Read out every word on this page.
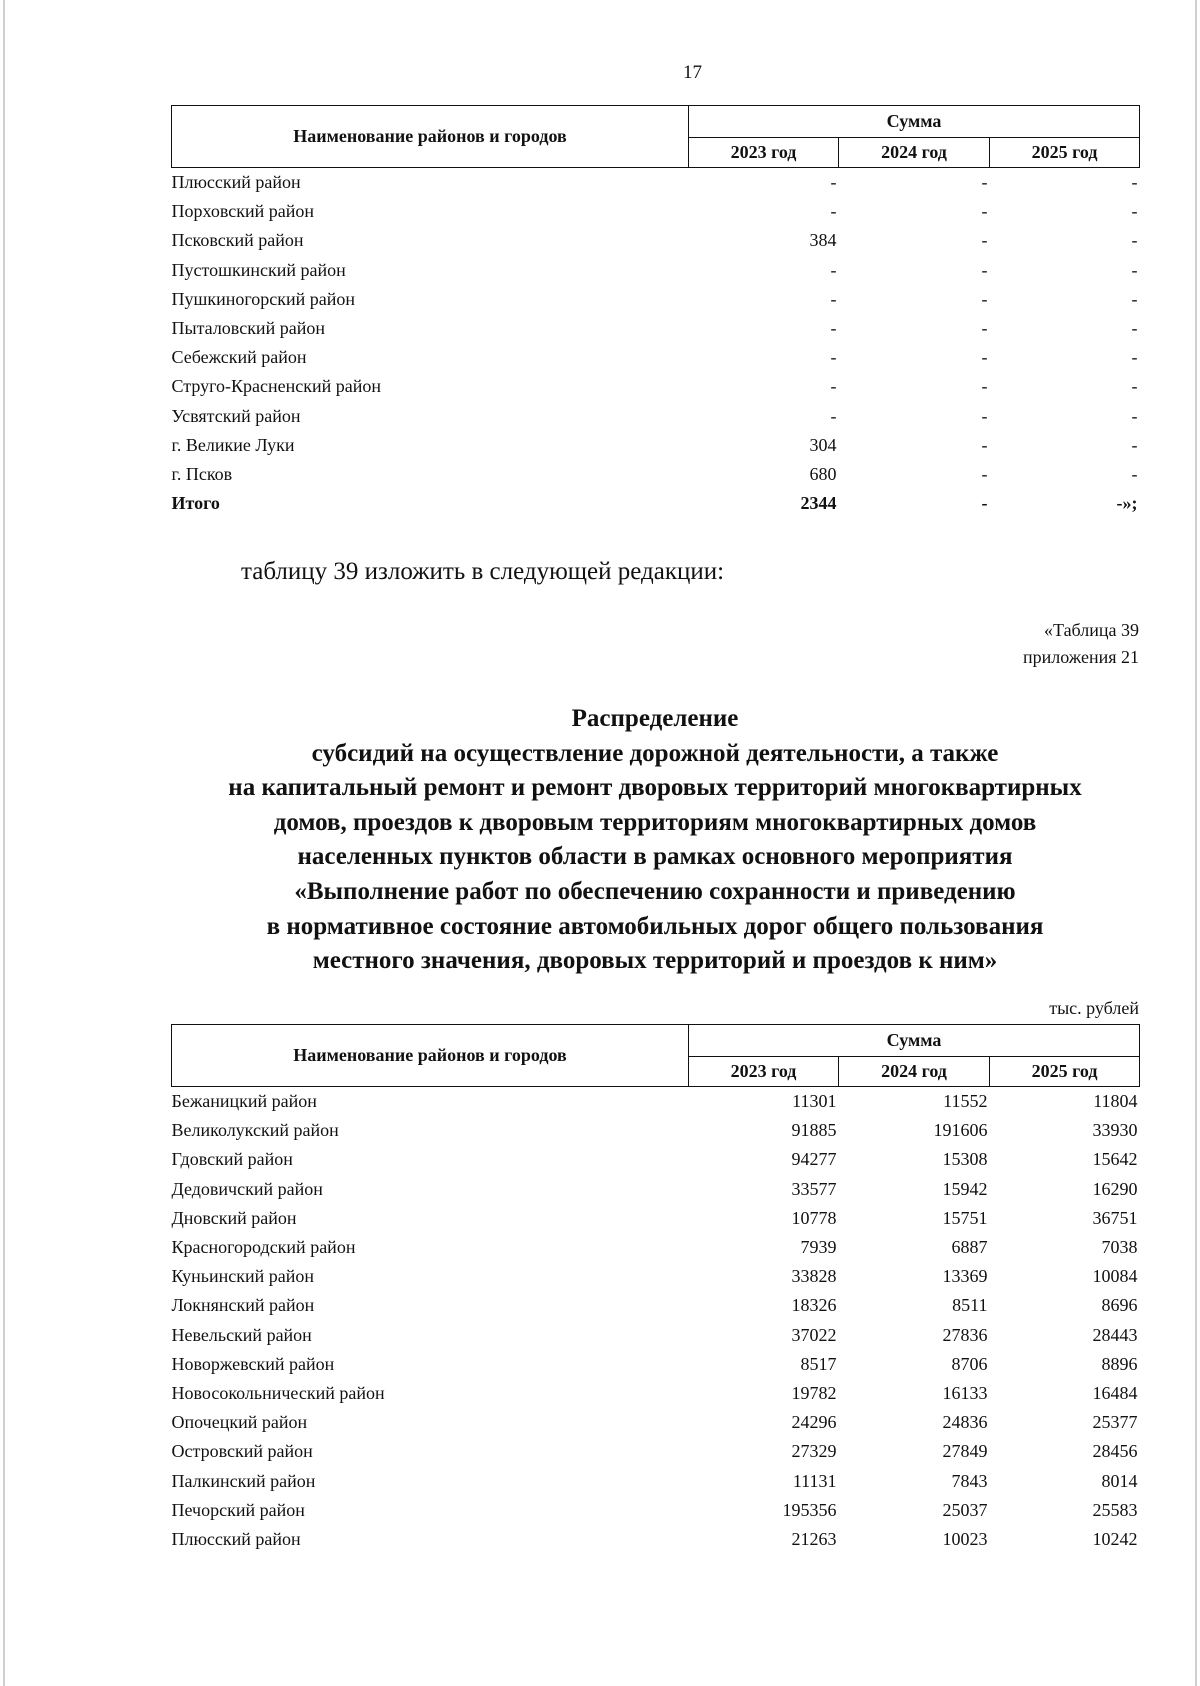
17
Наименование районов и городов	Сумма		
	2023 год	2024 год	2025 год
Плюсский район	-	-	-
Порховский район	-	-	-
Псковский район	384	-	-
Пустошкинский район	-	-	-
Пушкиногорский район	-	-	-
Пыталовский район	-	-	-
Себежский район	-	-	-
Струго-Красненский район	-	-	-
Усвятский район	-	-	-
г. Великие Луки	304	-	-
г. Псков	680	-	-
Итого	2344	-	-»;
таблицу 39 изложить в следующей редакции:
«Таблица 39
приложения 21
Распределение
субсидий на осуществление дорожной деятельности, а также
на капитальный ремонт и ремонт дворовых территорий многоквартирных
домов, проездов к дворовым территориям многоквартирных домов
населенных пунктов области в рамках основного мероприятия
«Выполнение работ по обеспечению сохранности и приведению
в нормативное состояние автомобильных дорог общего пользования
местного значения, дворовых территорий и проездов к ним»
тыс. рублей
Наименование районов и городов	Сумма		
	2023 год	2024 год	2025 год
Бежаницкий район	11301	11552	11804
Великолукский район	91885	191606	33930
Гдовский район	94277	15308	15642
Дедовичский район	33577	15942	16290
Дновский район	10778	15751	36751
Красногородский район	7939	6887	7038
Куньинский район	33828	13369	10084
Локнянский район	18326	8511	8696
Невельский район	37022	27836	28443
Новоржевский район	8517	8706	8896
Новосокольнический район	19782	16133	16484
Опочецкий район	24296	24836	25377
Островский район	27329	27849	28456
Палкинский район	11131	7843	8014
Печорский район	195356	25037	25583
Плюсский район	21263	10023	10242
